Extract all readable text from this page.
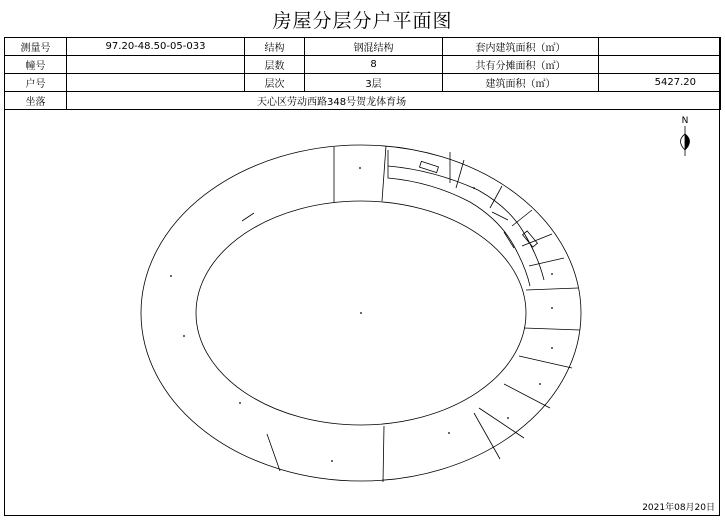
房屋分层分户平面图
测量号	97.20-48.50-05-033	结构	钢混结构	套内建筑面积（㎡）	
幢号		层数	8	共有分摊面积（㎡）	
户号		层次	3层	建筑面积（㎡）	5427.20
坐落	天心区劳动西路348号贺龙体育场				
N
2021年08月20日
